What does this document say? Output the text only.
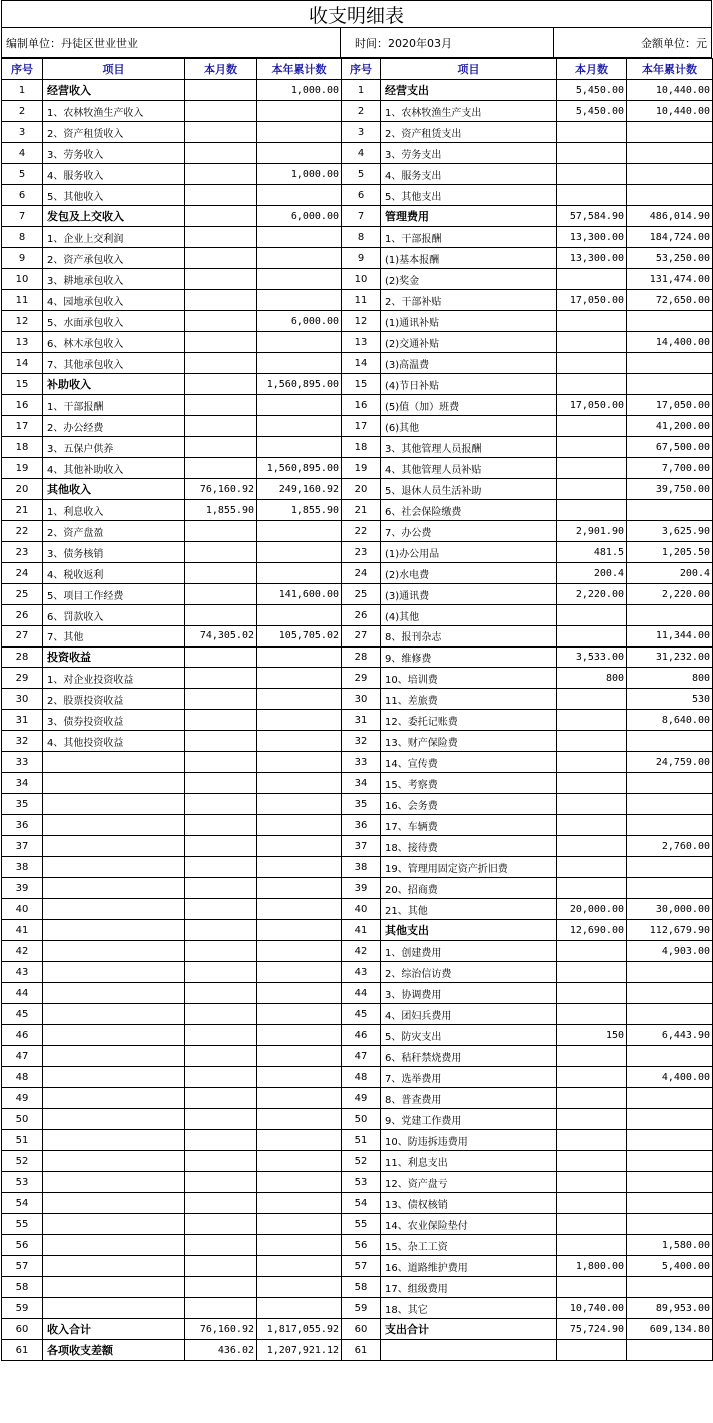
收支明细表
编制单位：丹徒区世业世业	时间：2020年03月	金额单位：元
序号	项目	本月数	本年累计数	序号	项目	本月数	本年累计数
1	经营收入		1,000.00	1	经营支出	5,450.00	10,440.00
2	1、农林牧渔生产收入			2	1、农林牧渔生产支出	5,450.00	10,440.00
3	2、资产租赁收入			3	2、资产租赁支出		
4	3、劳务收入			4	3、劳务支出		
5	4、服务收入		1,000.00	5	4、服务支出		
6	5、其他收入			6	5、其他支出		
7	发包及上交收入		6,000.00	7	管理费用	57,584.90	486,014.90
8	1、企业上交利润			8	1、干部报酬	13,300.00	184,724.00
9	2、资产承包收入			9	(1)基本报酬	13,300.00	53,250.00
10	3、耕地承包收入			10	(2)奖金		131,474.00
11	4、园地承包收入			11	2、干部补贴	17,050.00	72,650.00
12	5、水面承包收入		6,000.00	12	(1)通讯补贴		
13	6、林木承包收入			13	(2)交通补贴		14,400.00
14	7、其他承包收入			14	(3)高温费		
15	补助收入		1,560,895.00	15	(4)节日补贴		
16	1、干部报酬			16	(5)值（加）班费	17,050.00	17,050.00
17	2、办公经费			17	(6)其他		41,200.00
18	3、五保户供养			18	3、其他管理人员报酬		67,500.00
19	4、其他补助收入		1,560,895.00	19	4、其他管理人员补贴		7,700.00
20	其他收入	76,160.92	249,160.92	20	5、退休人员生活补助		39,750.00
21	1、利息收入	1,855.90	1,855.90	21	6、社会保险缴费		
22	2、资产盘盈			22	7、办公费	2,901.90	3,625.90
23	3、债务核销			23	(1)办公用品	481.5	1,205.50
24	4、税收返利			24	(2)水电费	200.4	200.4
25	5、项目工作经费		141,600.00	25	(3)通讯费	2,220.00	2,220.00
26	6、罚款收入			26	(4)其他		
27	7、其他	74,305.02	105,705.02	27	8、报刊杂志		11,344.00
28	投资收益			28	9、维修费	3,533.00	31,232.00
29	1、对企业投资收益			29	10、培训费	800	800
30	2、股票投资收益			30	11、差旅费		530
31	3、债券投资收益			31	12、委托记账费		8,640.00
32	4、其他投资收益			32	13、财产保险费		
33				33	14、宣传费		24,759.00
34				34	15、考察费		
35				35	16、会务费		
36				36	17、车辆费		
37				37	18、接待费		2,760.00
38				38	19、管理用固定资产折旧费		
39				39	20、招商费		
40				40	21、其他	20,000.00	30,000.00
41				41	其他支出	12,690.00	112,679.90
42				42	1、创建费用		4,903.00
43				43	2、综治信访费		
44				44	3、协调费用		
45				45	4、团妇兵费用		
46				46	5、防灾支出	150	6,443.90
47				47	6、秸秆禁烧费用		
48				48	7、选举费用		4,400.00
49				49	8、普查费用		
50				50	9、党建工作费用		
51				51	10、防违拆违费用		
52				52	11、利息支出		
53				53	12、资产盘亏		
54				54	13、债权核销		
55				55	14、农业保险垫付		
56				56	15、杂工工资		1,580.00
57				57	16、道路维护费用	1,800.00	5,400.00
58				58	17、组级费用		
59				59	18、其它	10,740.00	89,953.00
60	收入合计	76,160.92	1,817,055.92	60	支出合计	75,724.90	609,134.80
61	各项收支差额	436.02	1,207,921.12	61			
